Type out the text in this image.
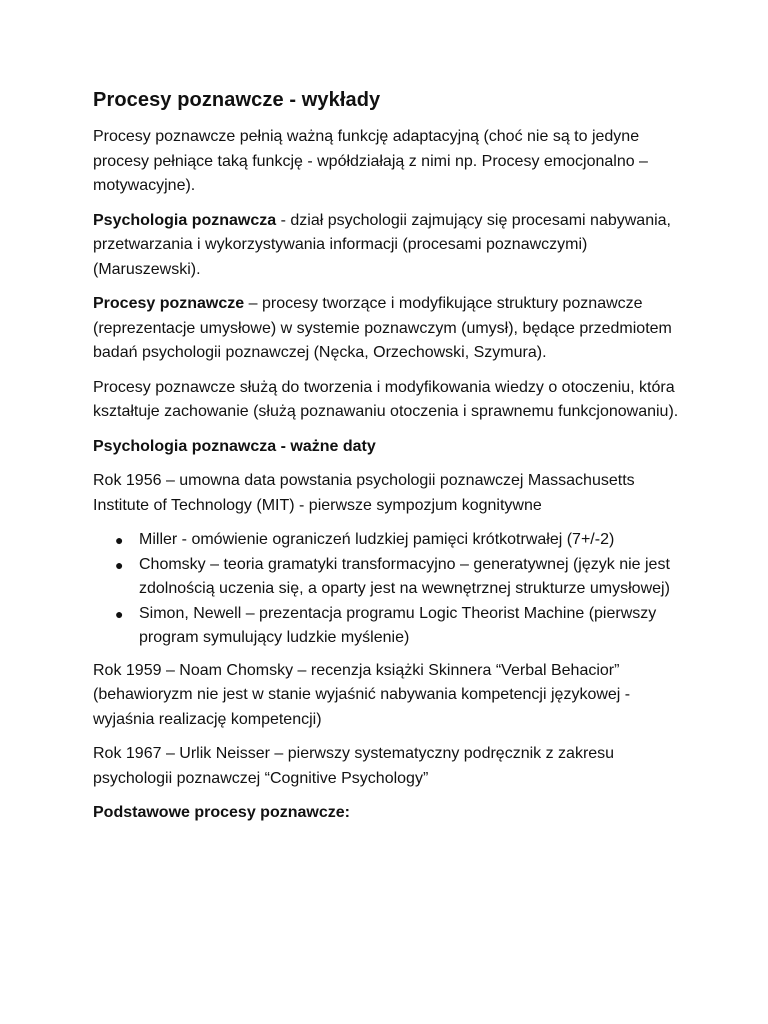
Procesy poznawcze - wykłady

Procesy poznawcze pełnią ważną funkcję adaptacyjną (choć nie są to jedyne procesy pełniące taką funkcję - wpółdziałają z nimi np. Procesy emocjonalno – motywacyjne).

Psychologia poznawcza - dział psychologii zajmujący się procesami nabywania, przetwarzania i wykorzystywania informacji (procesami poznawczymi) (Maruszewski).

Procesy poznawcze – procesy tworzące i modyfikujące struktury poznawcze (reprezentacje umysłowe) w systemie poznawczym (umysł), będące przedmiotem badań psychologii poznawczej (Nęcka, Orzechowski, Szymura).

Procesy poznawcze służą do tworzenia i modyfikowania wiedzy o otoczeniu, która kształtuje zachowanie (służą poznawaniu otoczenia i sprawnemu funkcjonowaniu).

Psychologia poznawcza - ważne daty

Rok 1956 – umowna data powstania psychologii poznawczej Massachusetts Institute of Technology (MIT) - pierwsze sympozjum kognitywne

● Miller - omówienie ograniczeń ludzkiej pamięci krótkotrwałej (7+/-2)
● Chomsky – teoria gramatyki transformacyjno – generatywnej (język nie jest zdolnością uczenia się, a oparty jest na wewnętrznej strukturze umysłowej)
● Simon, Newell – prezentacja programu Logic Theorist Machine (pierwszy program symulujący ludzkie myślenie)

Rok 1959 – Noam Chomsky – recenzja książki Skinnera “Verbal Behacior” (behawioryzm nie jest w stanie wyjaśnić nabywania kompetencji językowej - wyjaśnia realizację kompetencji)

Rok 1967 – Urlik Neisser – pierwszy systematyczny podręcznik z zakresu psychologii poznawczej “Cognitive Psychology”

Podstawowe procesy poznawcze:
